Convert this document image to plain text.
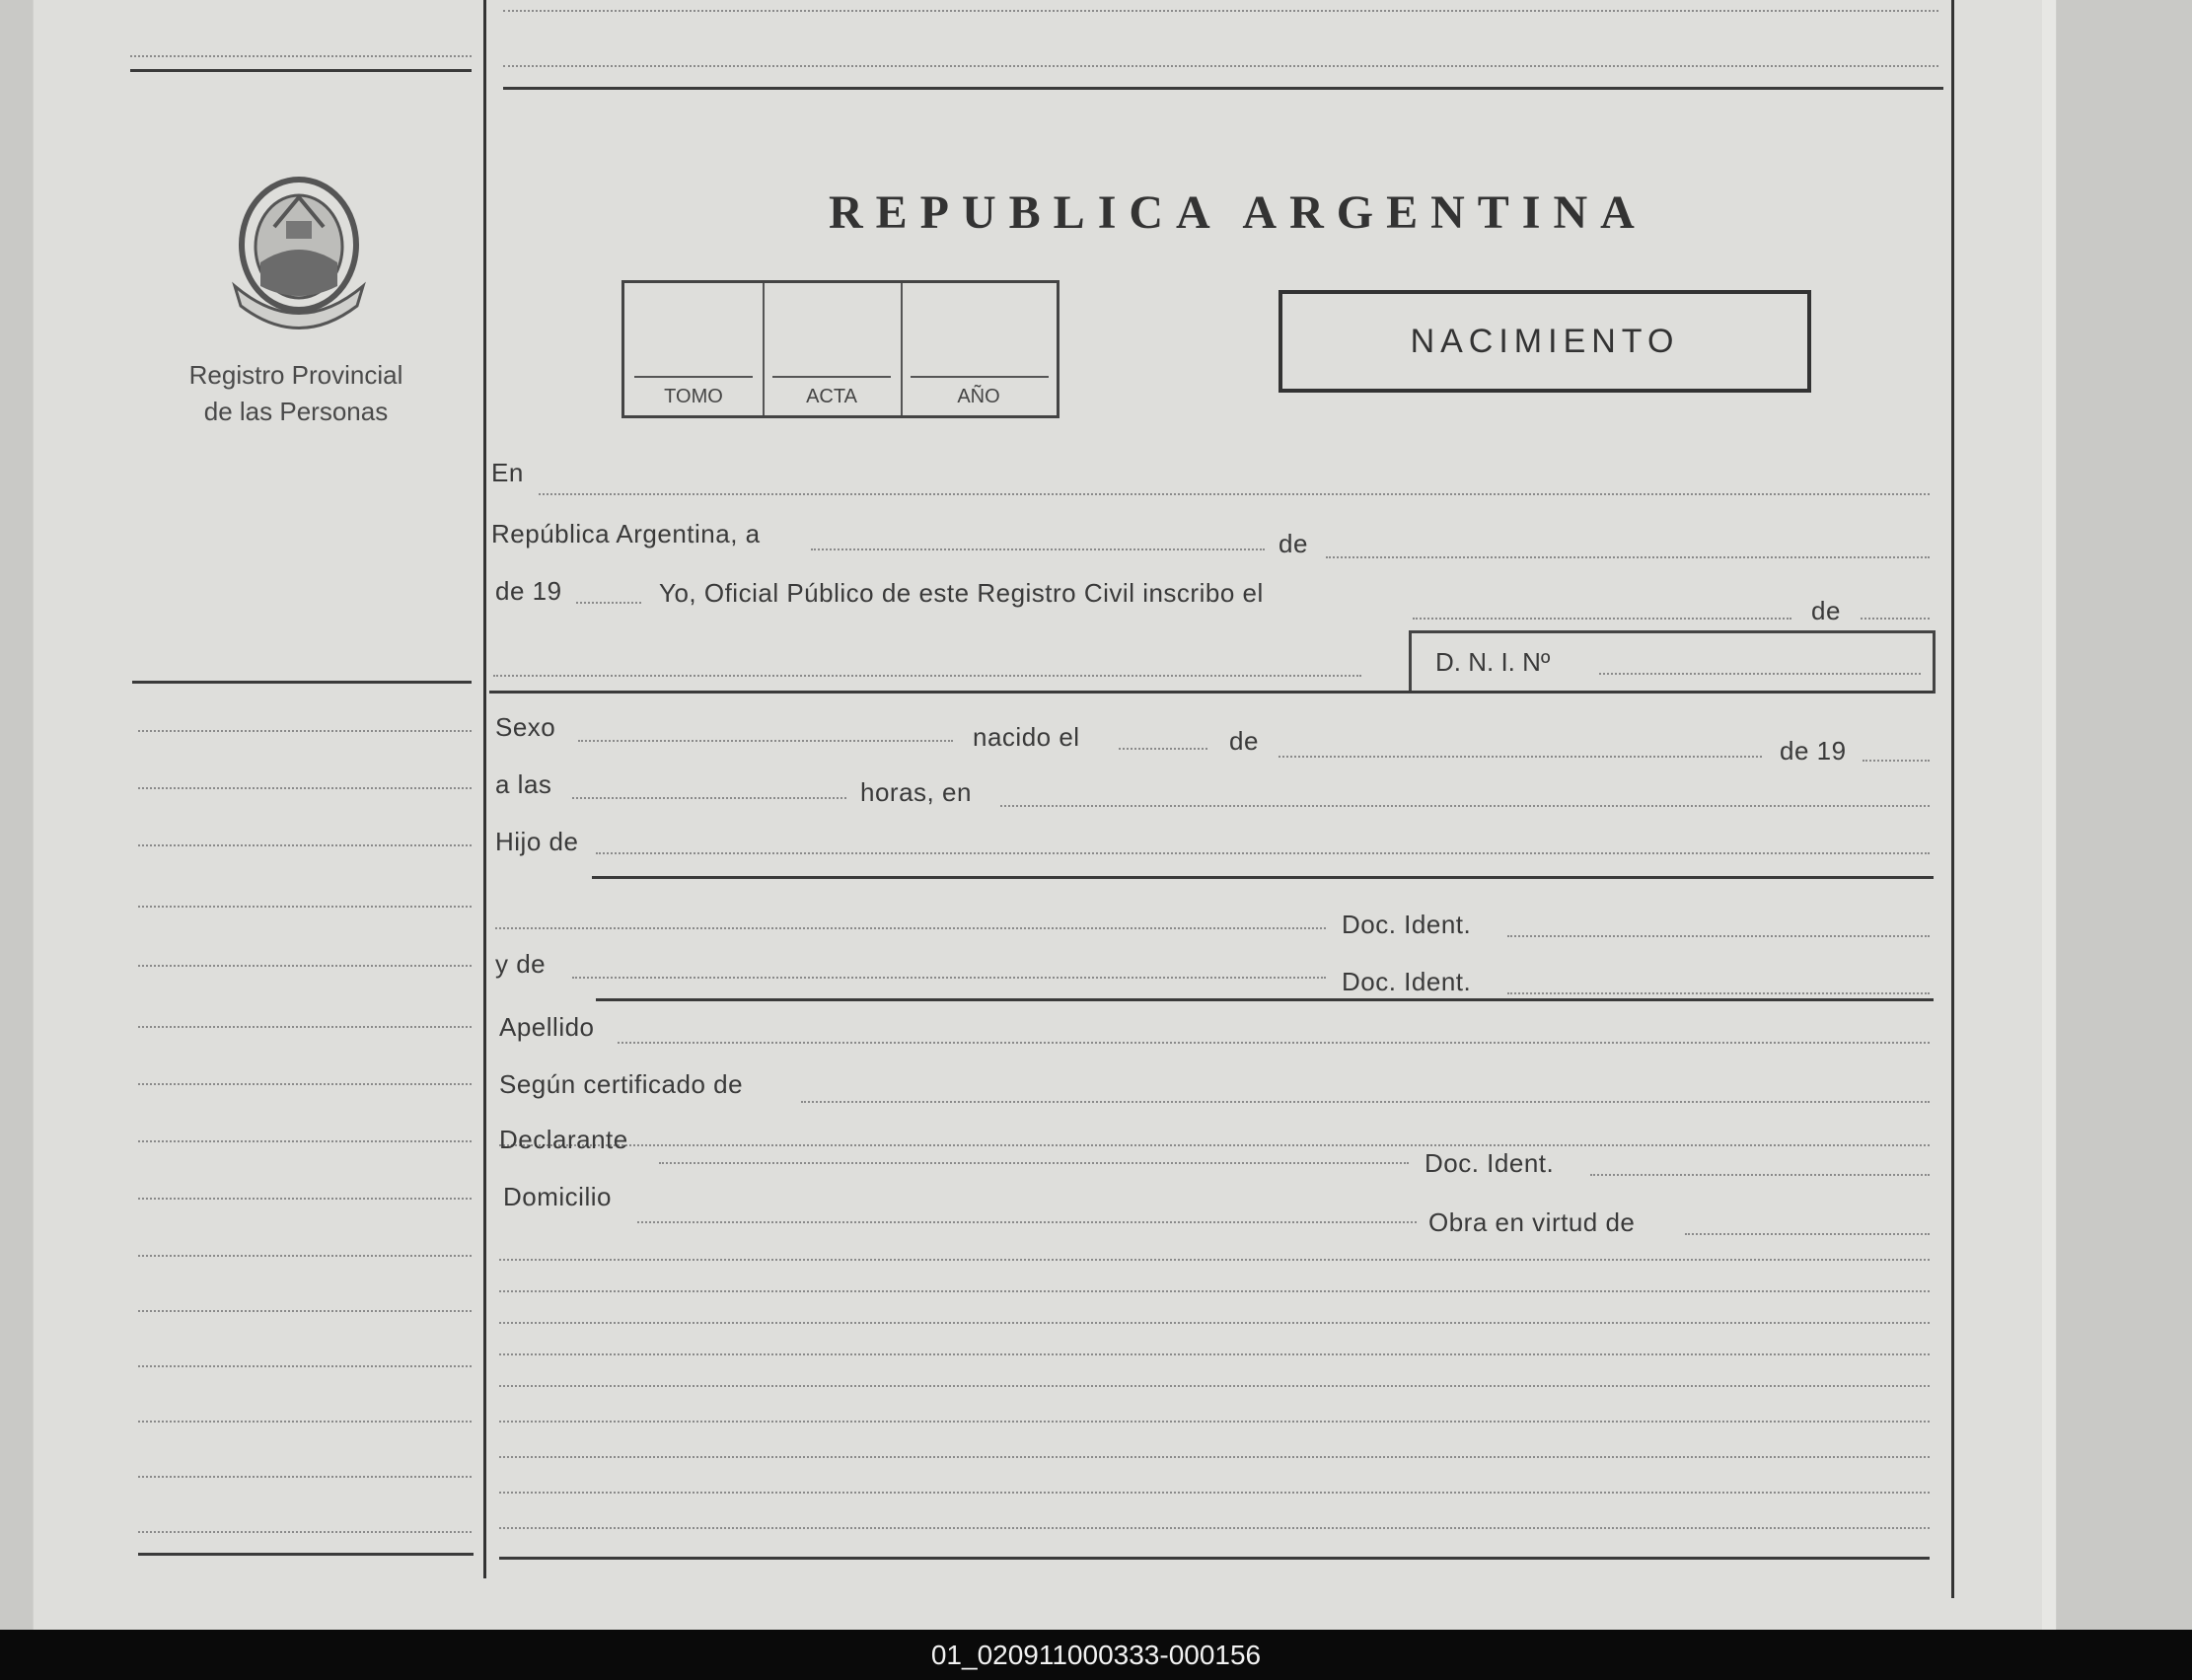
Registro Provincial
de las Personas
REPUBLICA ARGENTINA
TOMO	ACTA	AÑO
NACIMIENTO
En
República Argentina, a	de
de 19	Yo, Oficial Público de este Registro Civil inscribo el
de
D. N. I. Nº
Sexo	nacido el	de	de 19
a las	horas, en
Hijo de
Doc. Ident.
y de
Doc. Ident.
Apellido
Según certificado de
Declarante
Doc. Ident.
Domicilio
Obra en virtud de
01_020911000333-000156
